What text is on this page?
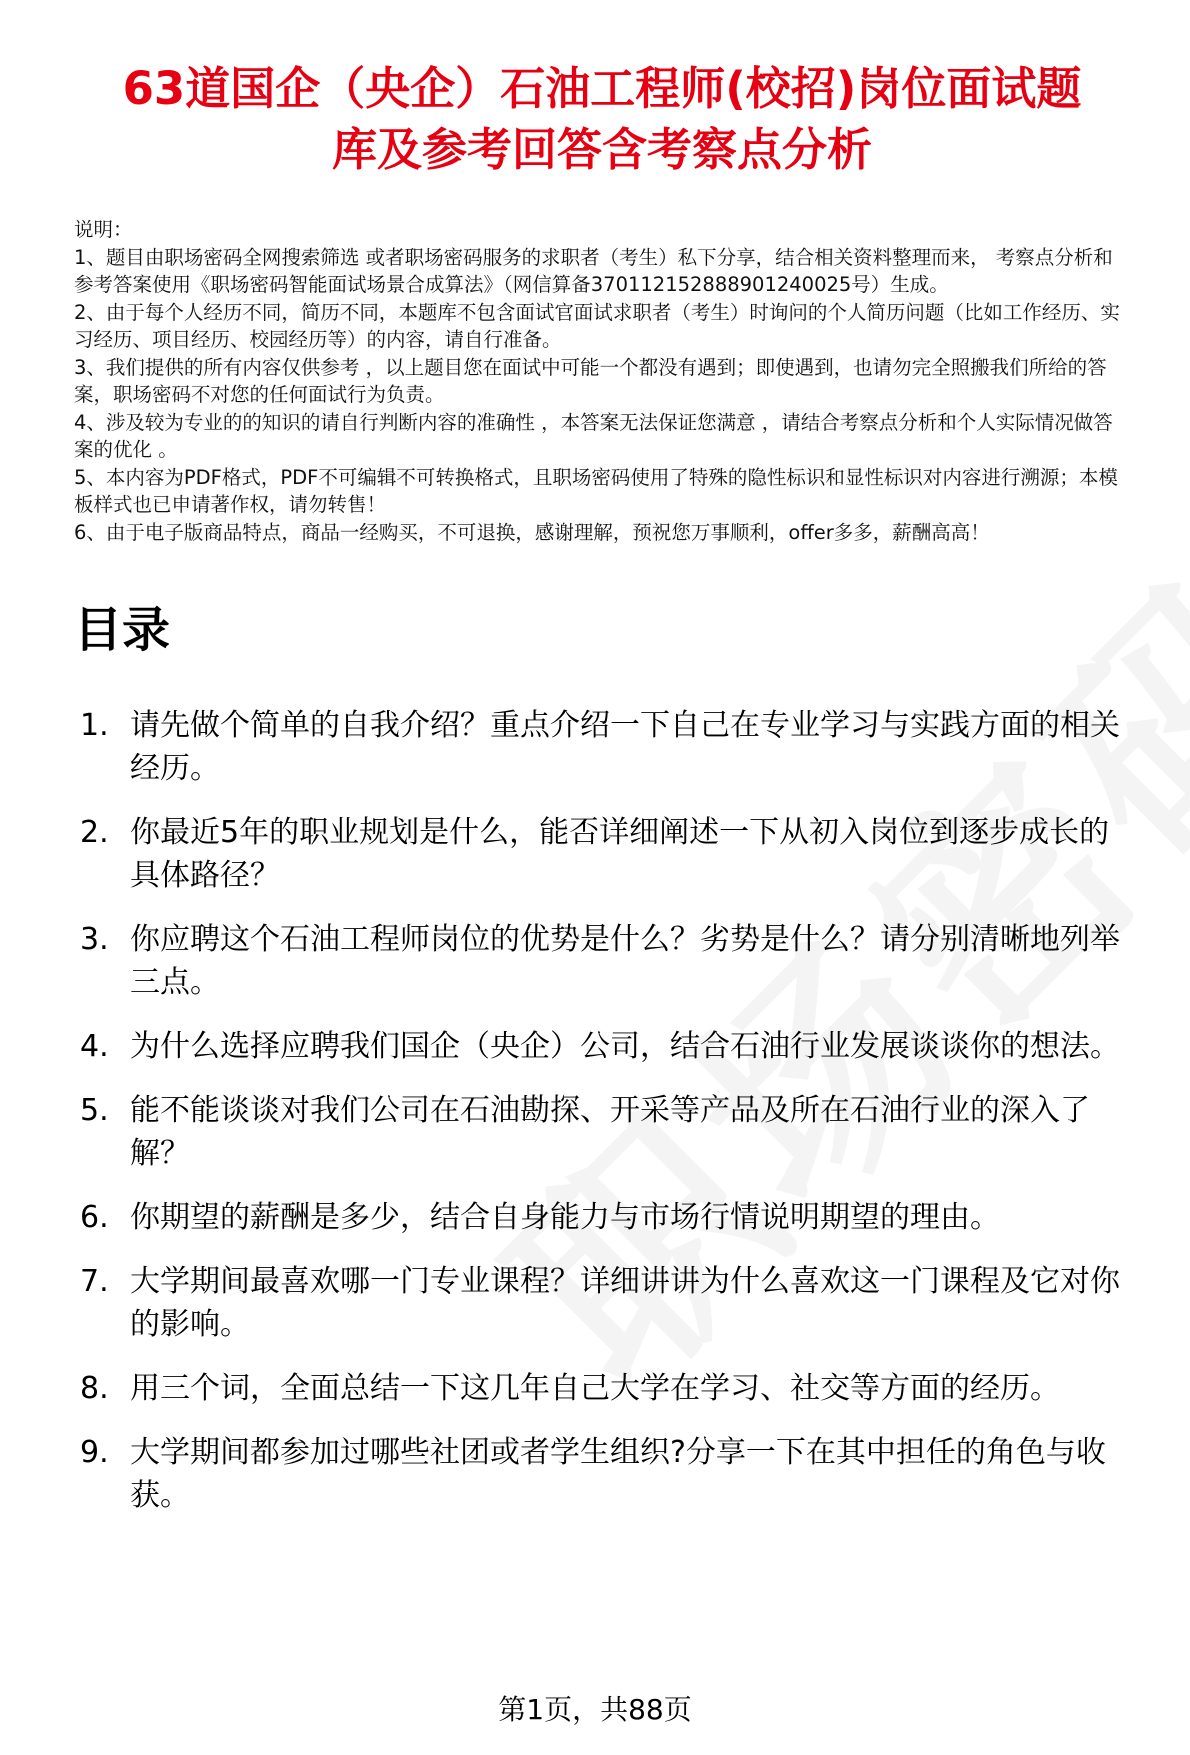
63道国企（央企）石油工程师(校招)岗位面试题
库及参考回答含考察点分析

说明：

1、题目由职场密码全网搜索筛选 或者职场密码服务的求职者（考生）私下分享，结合相关资料整理而来， 考察点分析和参考答案使用《职场密码智能面试场景合成算法》（网信算备370112152888901240025号）生成。

2、由于每个人经历不同，简历不同，本题库不包含面试官面试求职者（考生）时询问的个人简历问题（比如工作经历、实习经历、项目经历、校园经历等）的内容，请自行准备。

3、我们提供的所有内容仅供参考 ，以上题目您在面试中可能一个都没有遇到；即使遇到，也请勿完全照搬我们所给的答案，职场密码不对您的任何面试行为负责。

4、涉及较为专业的的知识的请自行判断内容的准确性 ，本答案无法保证您满意 ，请结合考察点分析和个人实际情况做答案的优化 。

5、本内容为PDF格式，PDF不可编辑不可转换格式，且职场密码使用了特殊的隐性标识和显性标识对内容进行溯源；本模板样式也已申请著作权，请勿转售！

6、由于电子版商品特点，商品一经购买，不可退换，感谢理解，预祝您万事顺利，offer多多，薪酬高高！

目录
1. 请先做个简单的自我介绍？重点介绍一下自己在专业学习与实践方面的相关经历。
2. 你最近5年的职业规划是什么，能否详细阐述一下从初入岗位到逐步成长的具体路径？
3. 你应聘这个石油工程师岗位的优势是什么？劣势是什么？请分别清晰地列举三点。
4. 为什么选择应聘我们国企（央企）公司，结合石油行业发展谈谈你的想法。
5. 能不能谈谈对我们公司在石油勘探、开采等产品及所在石油行业的深入了解？
6. 你期望的薪酬是多少，结合自身能力与市场行情说明期望的理由。
7. 大学期间最喜欢哪一门专业课程？详细讲讲为什么喜欢这一门课程及它对你的影响。
8. 用三个词，全面总结一下这几年自己大学在学习、社交等方面的经历。
9. 大学期间都参加过哪些社团或者学生组织?分享一下在其中担任的角色与收获。
第1页，共88页
